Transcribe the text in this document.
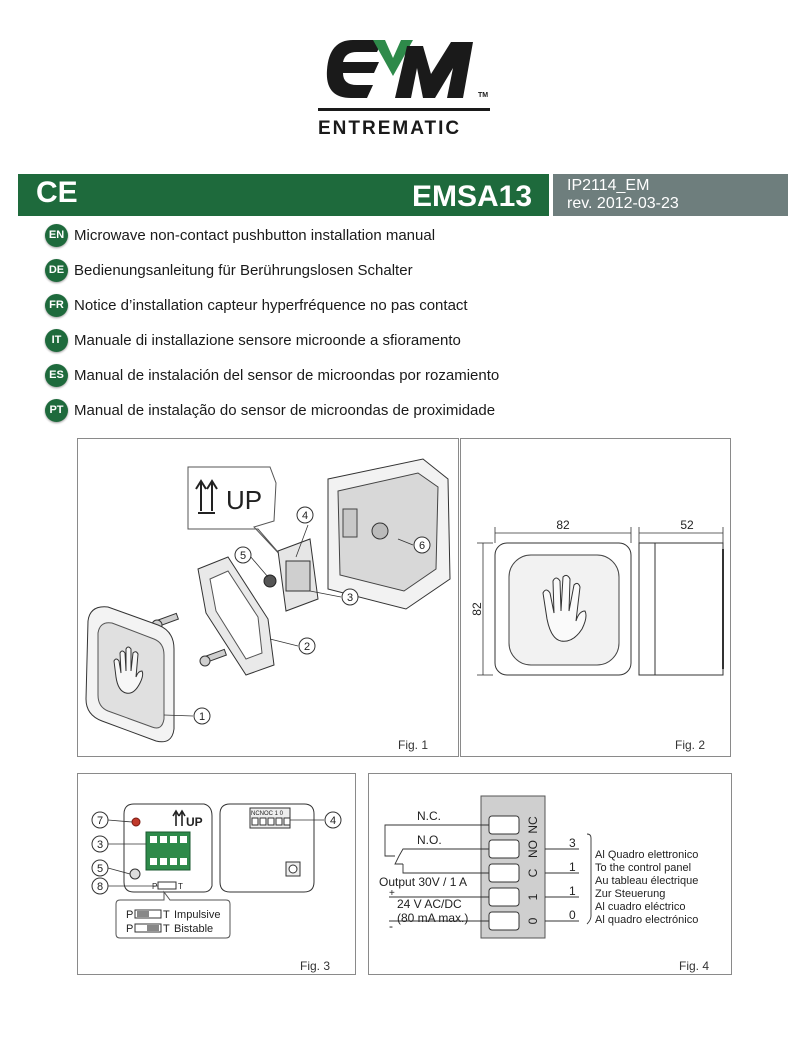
TM
ENTREMATIC
CE	EMSA13	IP2114_EM
rev. 2012-03-23
EN Microwave non-contact pushbutton installation manual
DE Bedienungsanleitung für Berührungslosen Schalter
FR Notice d’installation capteur hyperfréquence no pas contact
IT Manuale di installazione sensore microonde a sfioramento
ES Manual de instalación del sensor de microondas por rozamiento
PT Manual de instalação do sensor de microondas de proximidade
UP
1
2
3
4
5
6
Fig. 1
82	52
82
Fig. 2
UP
P	T
NCNOC 1 0
7
3
5
8
4
P	T Impulsive
P	T Bistable
Fig. 3
NC
NO
C
1
0
N.C.
N.O.
Output 30V / 1 A
+
24 V AC/DC
-
(80 mA max.)
3
1
1
0
Al Quadro elettronico
To the control panel
Au tableau électrique
Zur Steuerung
Al cuadro eléctrico
Al quadro electrónico
Fig. 4
